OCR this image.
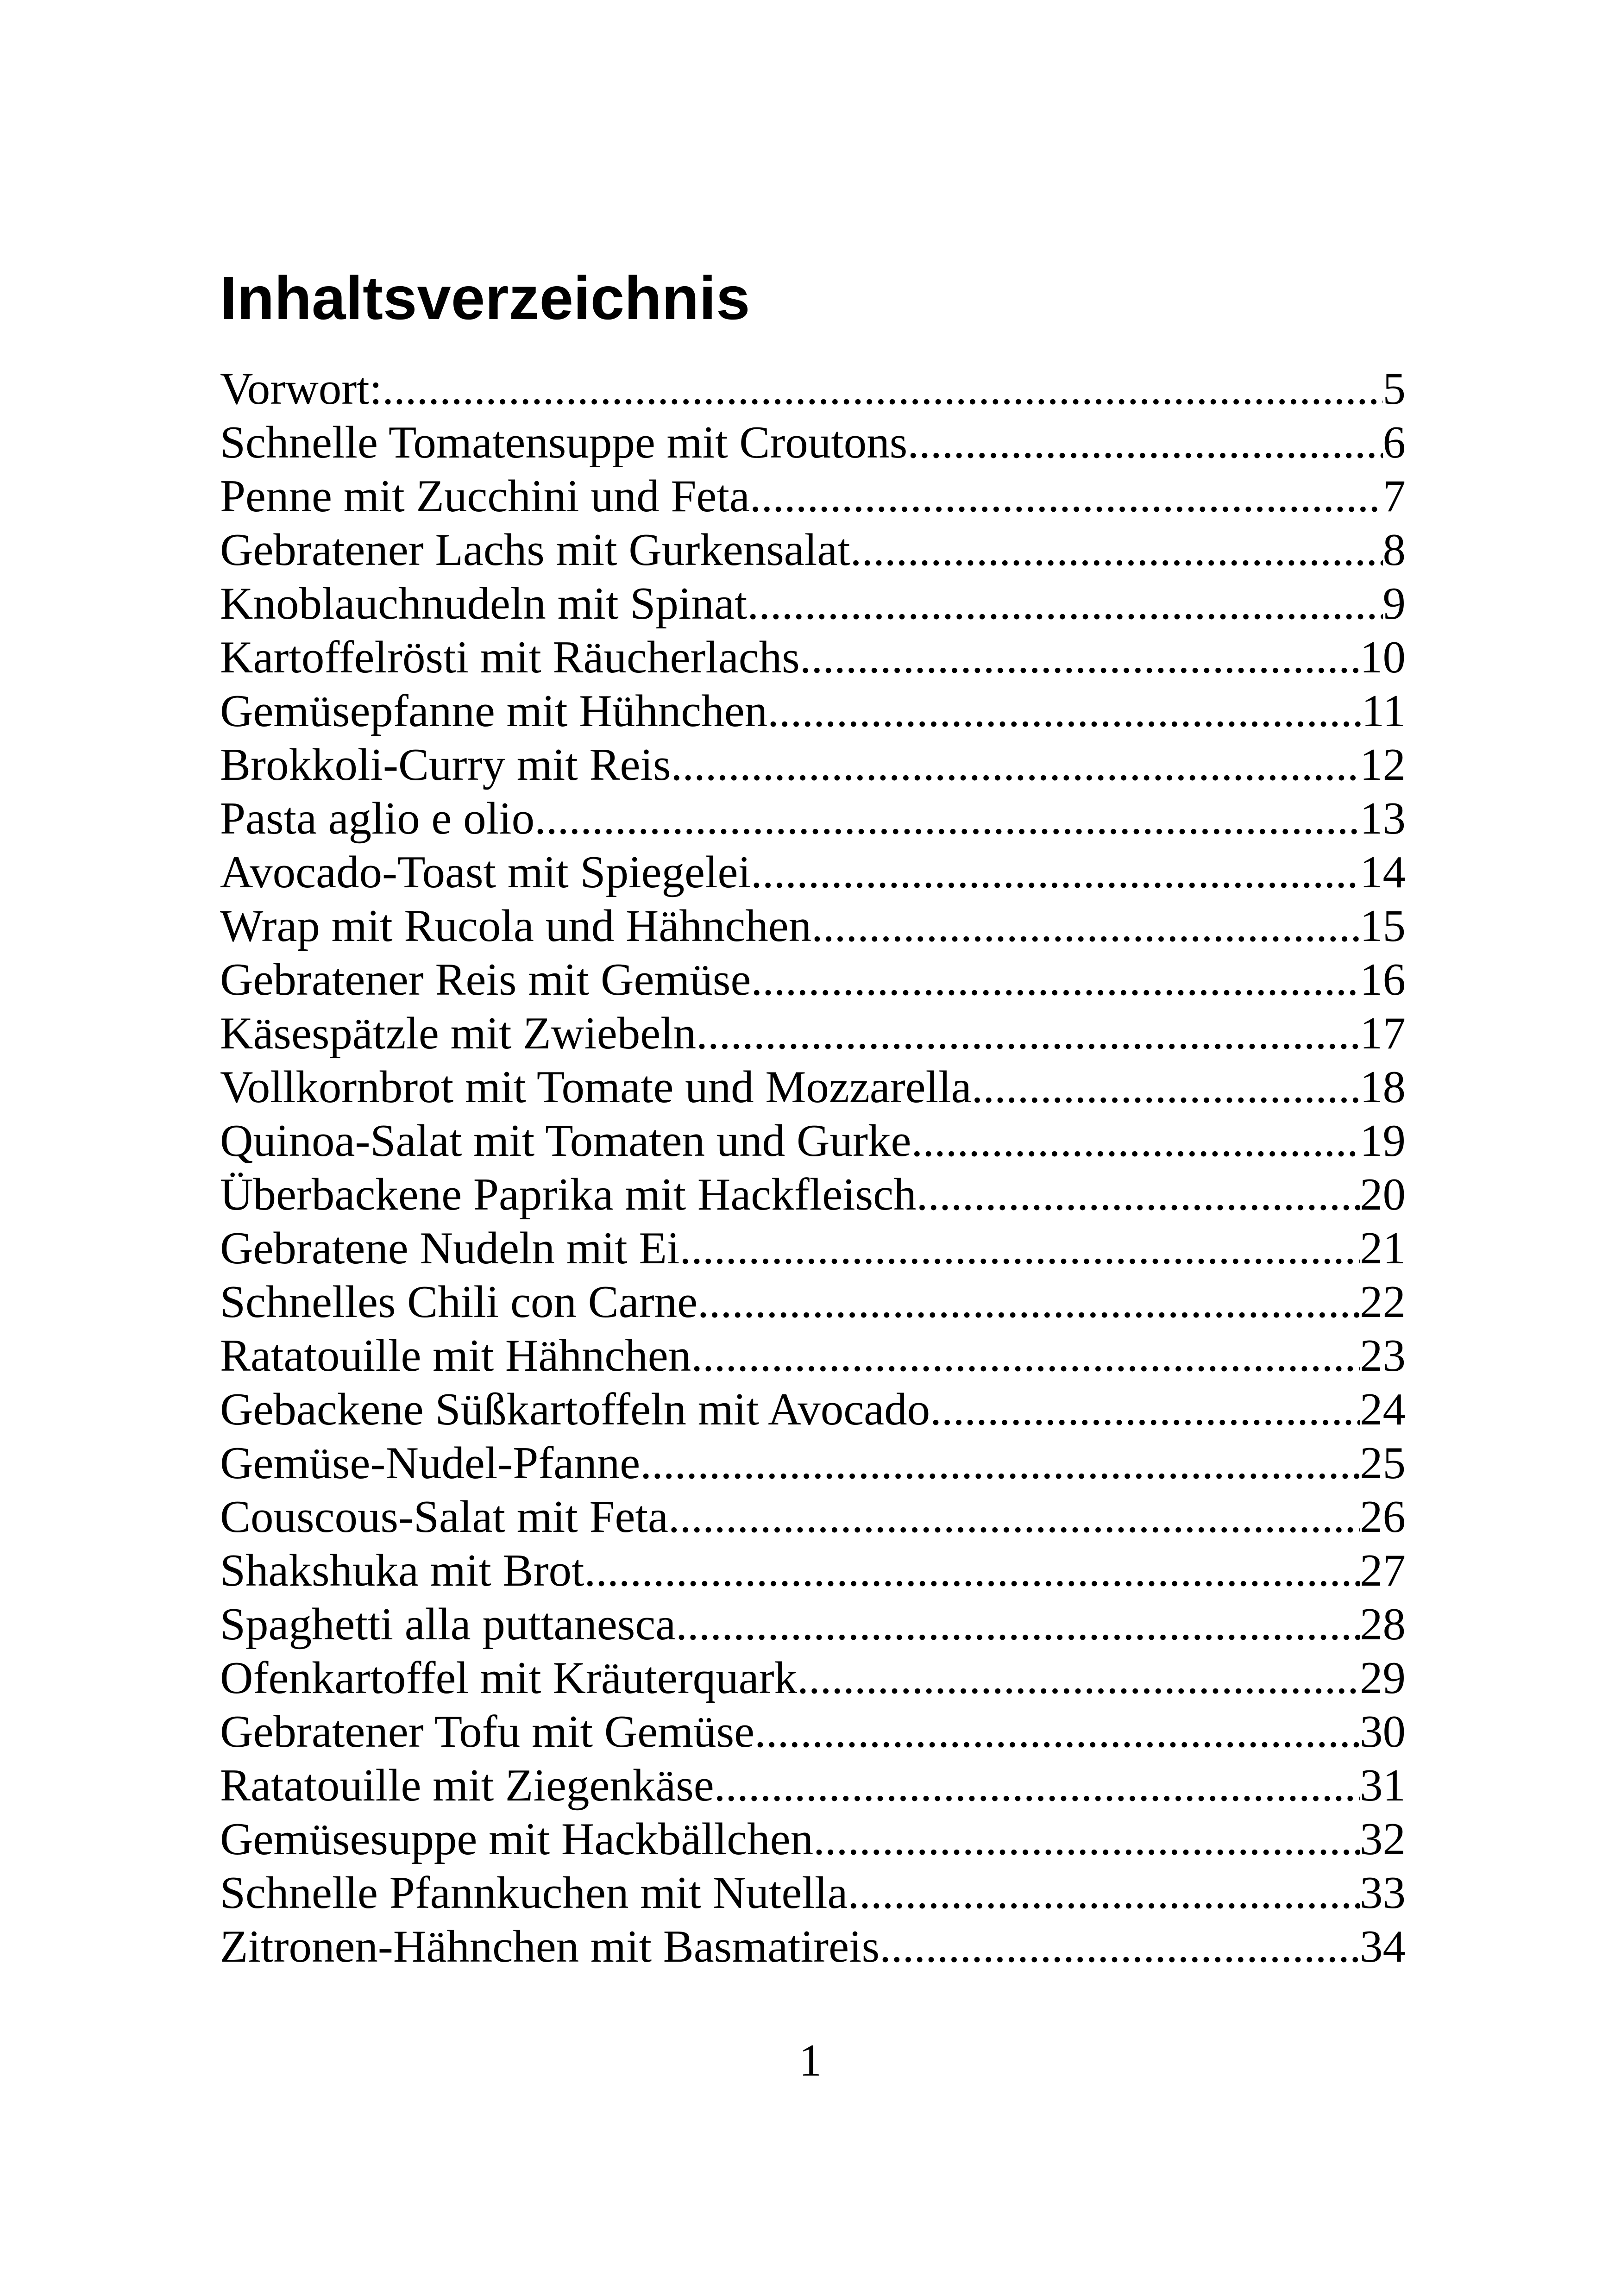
Inhaltsverzeichnis
Vorwort: .....	5
Schnelle Tomatensuppe mit Croutons .....	6
Penne mit Zucchini und Feta .....	7
Gebratener Lachs mit Gurkensalat .....	8
Knoblauchnudeln mit Spinat .....	9
Kartoffelrösti mit Räucherlachs .....	10
Gemüsepfanne mit Hühnchen .....	11
Brokkoli-Curry mit Reis .....	12
Pasta aglio e olio .....	13
Avocado-Toast mit Spiegelei .....	14
Wrap mit Rucola und Hähnchen .....	15
Gebratener Reis mit Gemüse .....	16
Käsespätzle mit Zwiebeln .....	17
Vollkornbrot mit Tomate und Mozzarella .....	18
Quinoa-Salat mit Tomaten und Gurke .....	19
Überbackene Paprika mit Hackfleisch .....	20
Gebratene Nudeln mit Ei .....	21
Schnelles Chili con Carne .....	22
Ratatouille mit Hähnchen .....	23
Gebackene Süßkartoffeln mit Avocado .....	24
Gemüse-Nudel-Pfanne .....	25
Couscous-Salat mit Feta .....	26
Shakshuka mit Brot .....	27
Spaghetti alla puttanesca .....	28
Ofenkartoffel mit Kräuterquark .....	29
Gebratener Tofu mit Gemüse .....	30
Ratatouille mit Ziegenkäse .....	31
Gemüsesuppe mit Hackbällchen .....	32
Schnelle Pfannkuchen mit Nutella .....	33
Zitronen-Hähnchen mit Basmatireis .....	34
1
